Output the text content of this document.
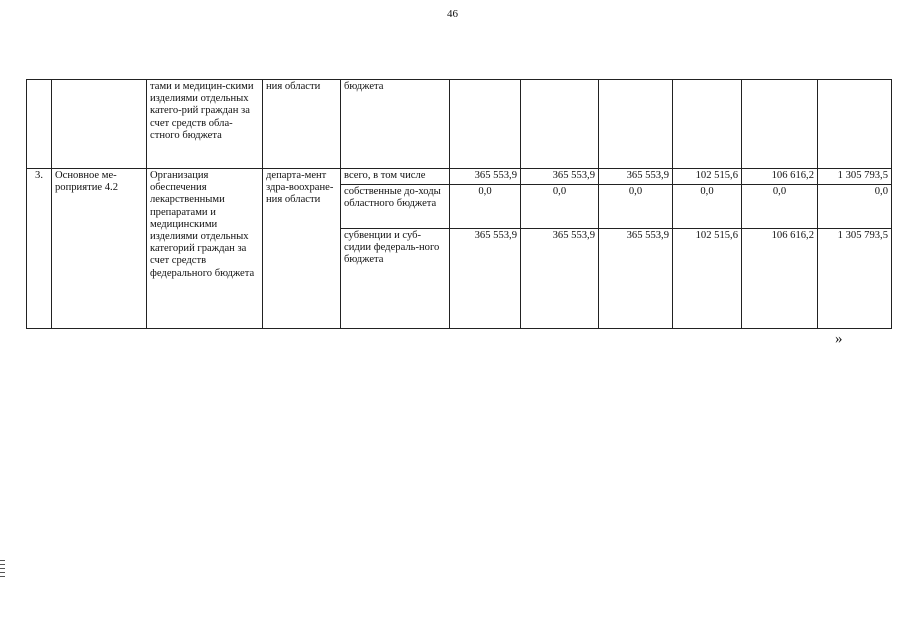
46
		тами и медицин-скими изделиями отдельных катего-рий граждан за счет средств обла-стного бюджета	ния области	бюджета						
3.	Основное ме-роприятие 4.2	Организация обеспечения лекарственными препаратами и медицинскими изделиями отдельных категорий граждан за счет средств федерального бюджета	департа-мент здра-воохране-ния области	всего, в том числе	365 553,9	365 553,9	365 553,9	102 515,6	106 616,2	1 305 793,5
				собственные до-ходы областного бюджета	0,0	0,0	0,0	0,0	0,0	0,0
				субвенции и суб-сидии федераль-ного бюджета	365 553,9	365 553,9	365 553,9	102 515,6	106 616,2	1 305 793,5
»
